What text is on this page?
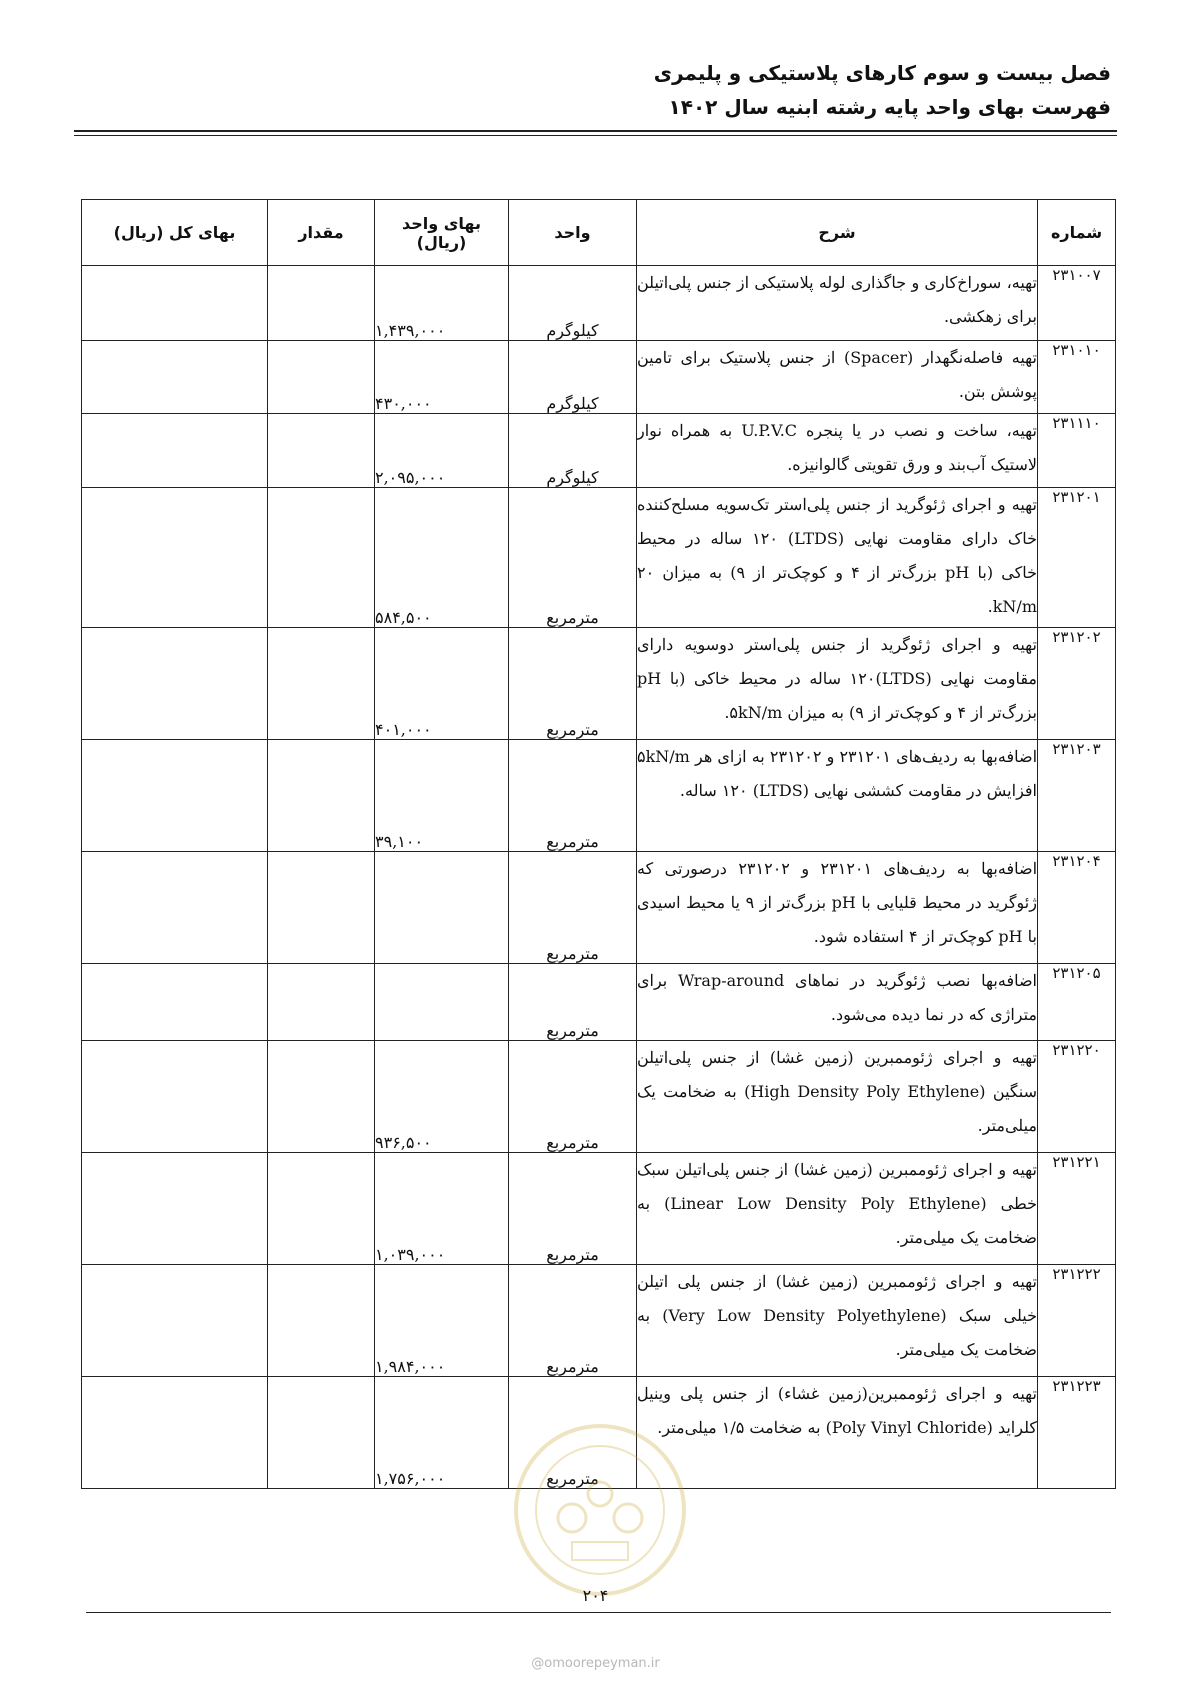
فصل بیست و سوم کارهای پلاستیکی و پلیمری
فهرست بهای واحد پایه رشته ابنیه سال ۱۴۰۲
شماره	شرح	واحد	بهای واحد (ریال)	مقدار	بهای کل (ریال)
۲۳۱۰۰۷	تهیه، سوراخ‌کاری و جاگذاری لوله پلاستیکی از جنس پلی‌اتیلن برای زهکشی.	کیلوگرم	۱,۴۳۹,۰۰۰		
۲۳۱۰۱۰	تهیه فاصله‌نگهدار (Spacer) از جنس پلاستیک برای تامین پوشش بتن.	کیلوگرم	۴۳۰,۰۰۰		
۲۳۱۱۱۰	تهیه، ساخت و نصب در یا پنجره U.P.V.C به همراه نوار لاستیک آب‌بند و ورق تقویتی گالوانیزه.	کیلوگرم	۲,۰۹۵,۰۰۰		
۲۳۱۲۰۱	تهیه و اجرای ژئوگرید از جنس پلی‌استر تک‌سویه مسلح‌کننده خاک دارای مقاومت نهایی (LTDS) ۱۲۰ ساله در محیط خاکی (با pH بزرگ‌تر از ۴ و کوچک‌تر از ۹) به میزان ۲۰ kN/m.	مترمربع	۵۸۴,۵۰۰		
۲۳۱۲۰۲	تهیه و اجرای ژئوگرید از جنس پلی‌استر دوسویه دارای مقاومت نهایی (LTDS)۱۲۰ ساله در محیط خاکی (با pH بزرگ‌تر از ۴ و کوچک‌تر از ۹) به میزان ۵kN/m.	مترمربع	۴۰۱,۰۰۰		
۲۳۱۲۰۳	اضافه‌بها به ردیف‌های ۲۳۱۲۰۱ و ۲۳۱۲۰۲ به ازای هر ۵kN/m افزایش در مقاومت کششی نهایی (LTDS) ۱۲۰ ساله.	مترمربع	۳۹,۱۰۰		
۲۳۱۲۰۴	اضافه‌بها به ردیف‌های ۲۳۱۲۰۱ و ۲۳۱۲۰۲ درصورتی که ژئوگرید در محیط قلیایی با pH بزرگ‌تر از ۹ یا محیط اسیدی با pH کوچک‌تر از ۴ استفاده شود.	مترمربع			
۲۳۱۲۰۵	اضافه‌بها نصب ژئوگرید در نماهای Wrap-around برای متراژی که در نما دیده می‌شود.	مترمربع			
۲۳۱۲۲۰	تهیه و اجرای ژئوممبرین (زمین غشا) از جنس پلی‌اتیلن سنگین (High Density Poly Ethylene) به ضخامت یک میلی‌متر.	مترمربع	۹۳۶,۵۰۰		
۲۳۱۲۲۱	تهیه و اجرای ژئوممبرین (زمین غشا) از جنس پلی‌اتیلن سبک خطی (Linear Low Density Poly Ethylene) به ضخامت یک میلی‌متر.	مترمربع	۱,۰۳۹,۰۰۰		
۲۳۱۲۲۲	تهیه و اجرای ژئوممبرین (زمین غشا) از جنس پلی اتیلن خیلی سبک (Very Low Density Polyethylene) به ضخامت یک میلی‌متر.	مترمربع	۱,۹۸۴,۰۰۰		
۲۳۱۲۲۳	تهیه و اجرای ژئوممبرین(زمین غشاء) از جنس پلی وینیل کلراید (Poly Vinyl Chloride) به ضخامت ۱/۵ میلی‌متر.	مترمربع	۱,۷۵۶,۰۰۰		
۲۰۴
@omoorepeyman.ir
